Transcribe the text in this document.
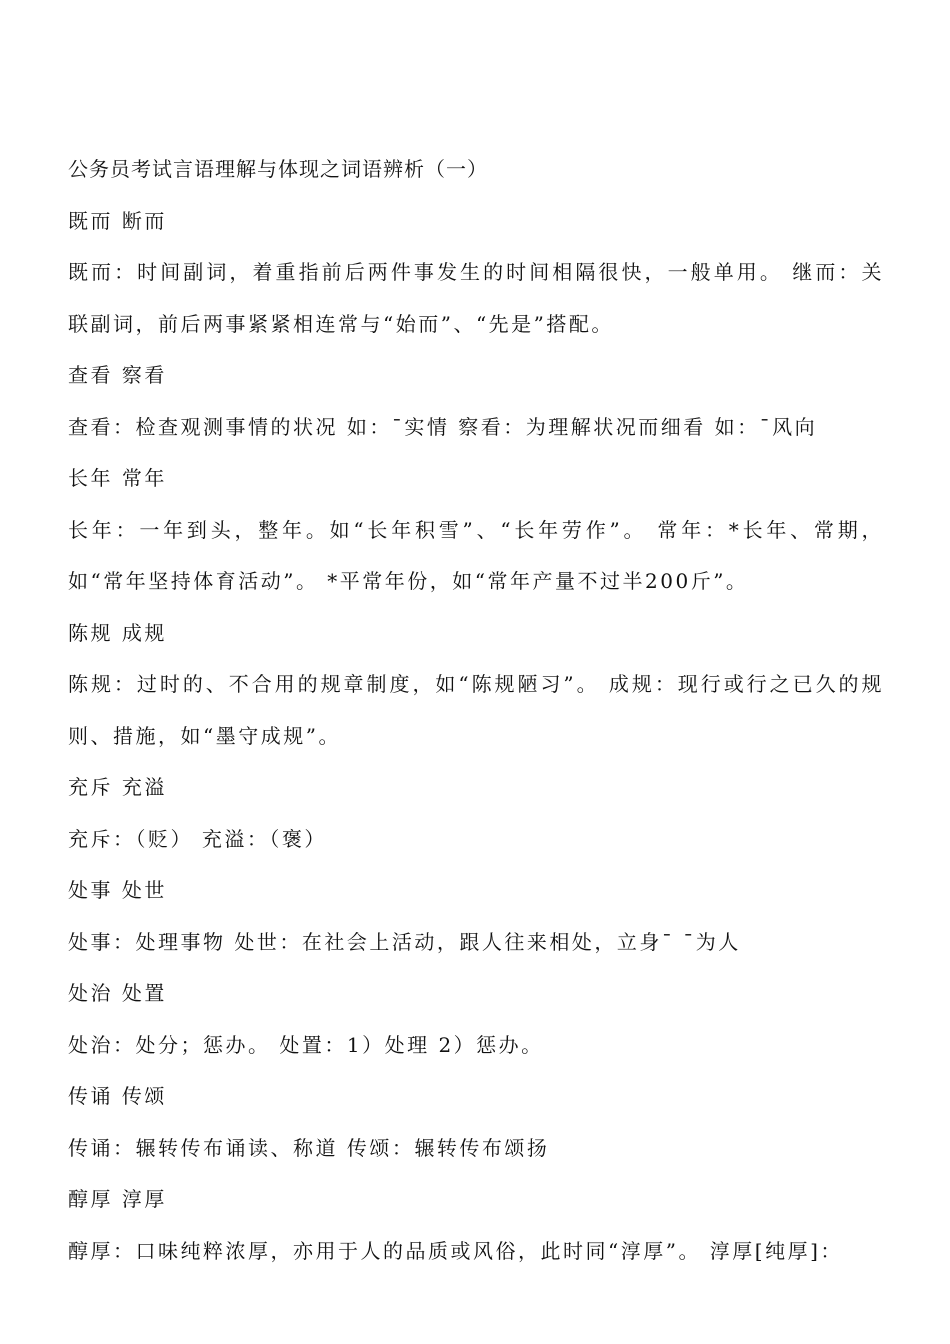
公务员考试言语理解与体现之词语辨析（一）
既而 断而
既而：时间副词，着重指前后两件事发生的时间相隔很快，一般单用。 继而：关联副词，前后两事紧紧相连常与“始而”、“先是”搭配。
查看 察看
查看：检查观测事情的状况 如：¯实情 察看：为理解状况而细看 如：¯风向
长年 常年
长年：一年到头，整年。如“长年积雪”、“长年劳作”。 常年：*长年、常期，如“常年坚持体育活动”。 *平常年份，如“常年产量不过半200斤”。
陈规 成规
陈规：过时的、不合用的规章制度，如“陈规陋习”。 成规：现行或行之已久的规则、措施，如“墨守成规”。
充斥 充溢
充斥：（贬） 充溢：（褒）
处事 处世
处事：处理事物 处世：在社会上活动，跟人往来相处，立身¯ ¯为人
处治 处置
处治：处分；惩办。 处置：1）处理 2）惩办。
传诵 传颂
传诵：辗转传布诵读、称道 传颂：辗转传布颂扬
醇厚 淳厚
醇厚：口味纯粹浓厚，亦用于人的品质或风俗，此时同“淳厚”。 淳厚[纯厚]：
